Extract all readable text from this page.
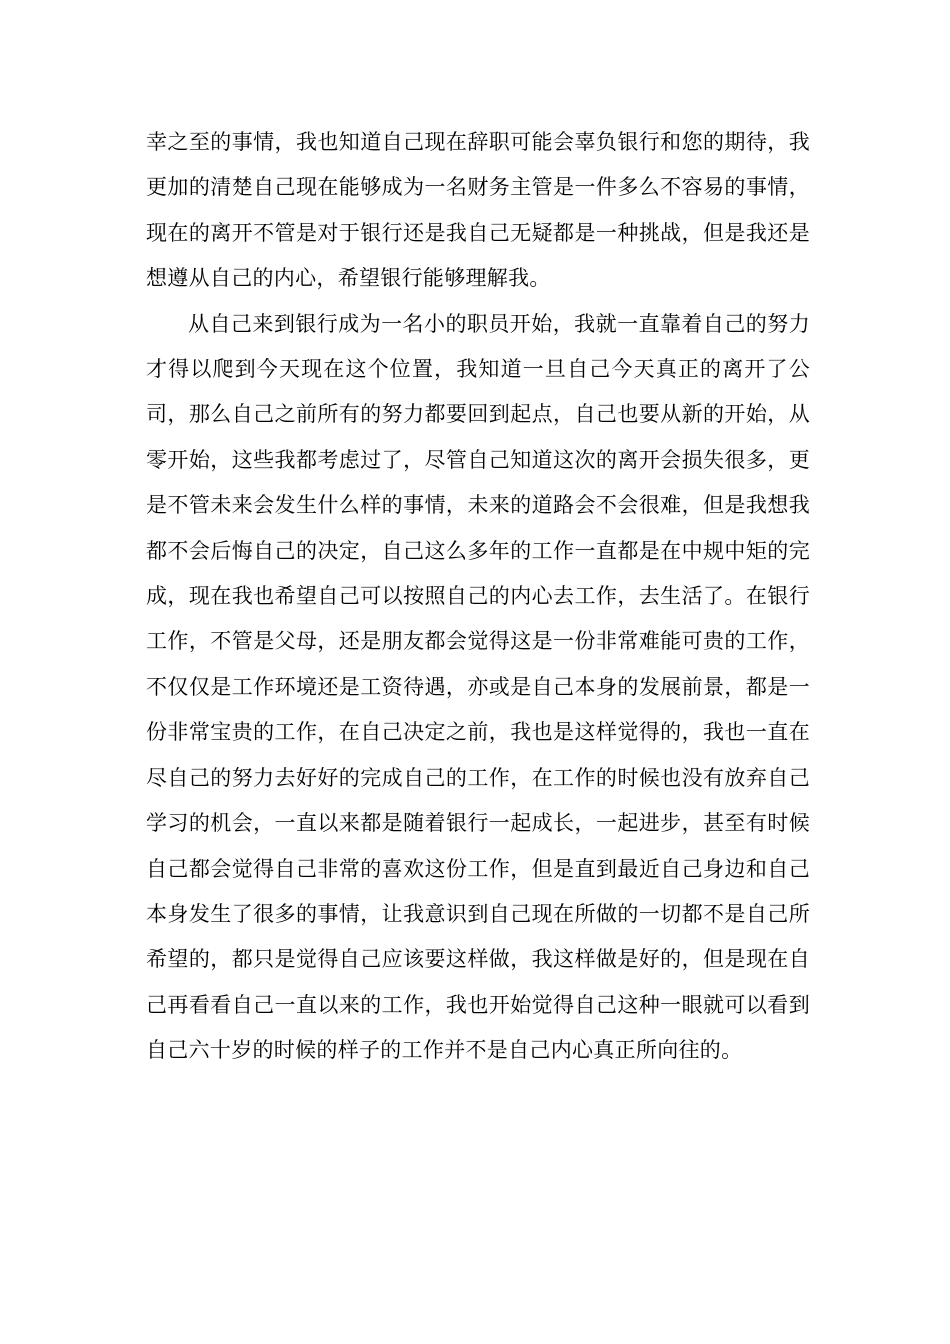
幸之至的事情，我也知道自己现在辞职可能会辜负银行和您的期待，我更加的清楚自己现在能够成为一名财务主管是一件多么不容易的事情，现在的离开不管是对于银行还是我自己无疑都是一种挑战，但是我还是想遵从自己的内心，希望银行能够理解我。

从自己来到银行成为一名小的职员开始，我就一直靠着自己的努力才得以爬到今天现在这个位置，我知道一旦自己今天真正的离开了公司，那么自己之前所有的努力都要回到起点，自己也要从新的开始，从零开始，这些我都考虑过了，尽管自己知道这次的离开会损失很多，更是不管未来会发生什么样的事情，未来的道路会不会很难，但是我想我都不会后悔自己的决定，自己这么多年的工作一直都是在中规中矩的完成，现在我也希望自己可以按照自己的内心去工作，去生活了。在银行工作，不管是父母，还是朋友都会觉得这是一份非常难能可贵的工作，不仅仅是工作环境还是工资待遇，亦或是自己本身的发展前景，都是一份非常宝贵的工作，在自己决定之前，我也是这样觉得的，我也一直在尽自己的努力去好好的完成自己的工作，在工作的时候也没有放弃自己学习的机会，一直以来都是随着银行一起成长，一起进步，甚至有时候自己都会觉得自己非常的喜欢这份工作，但是直到最近自己身边和自己本身发生了很多的事情，让我意识到自己现在所做的一切都不是自己所希望的，都只是觉得自己应该要这样做，我这样做是好的，但是现在自己再看看自己一直以来的工作，我也开始觉得自己这种一眼就可以看到自己六十岁的时候的样子的工作并不是自己内心真正所向往的。
